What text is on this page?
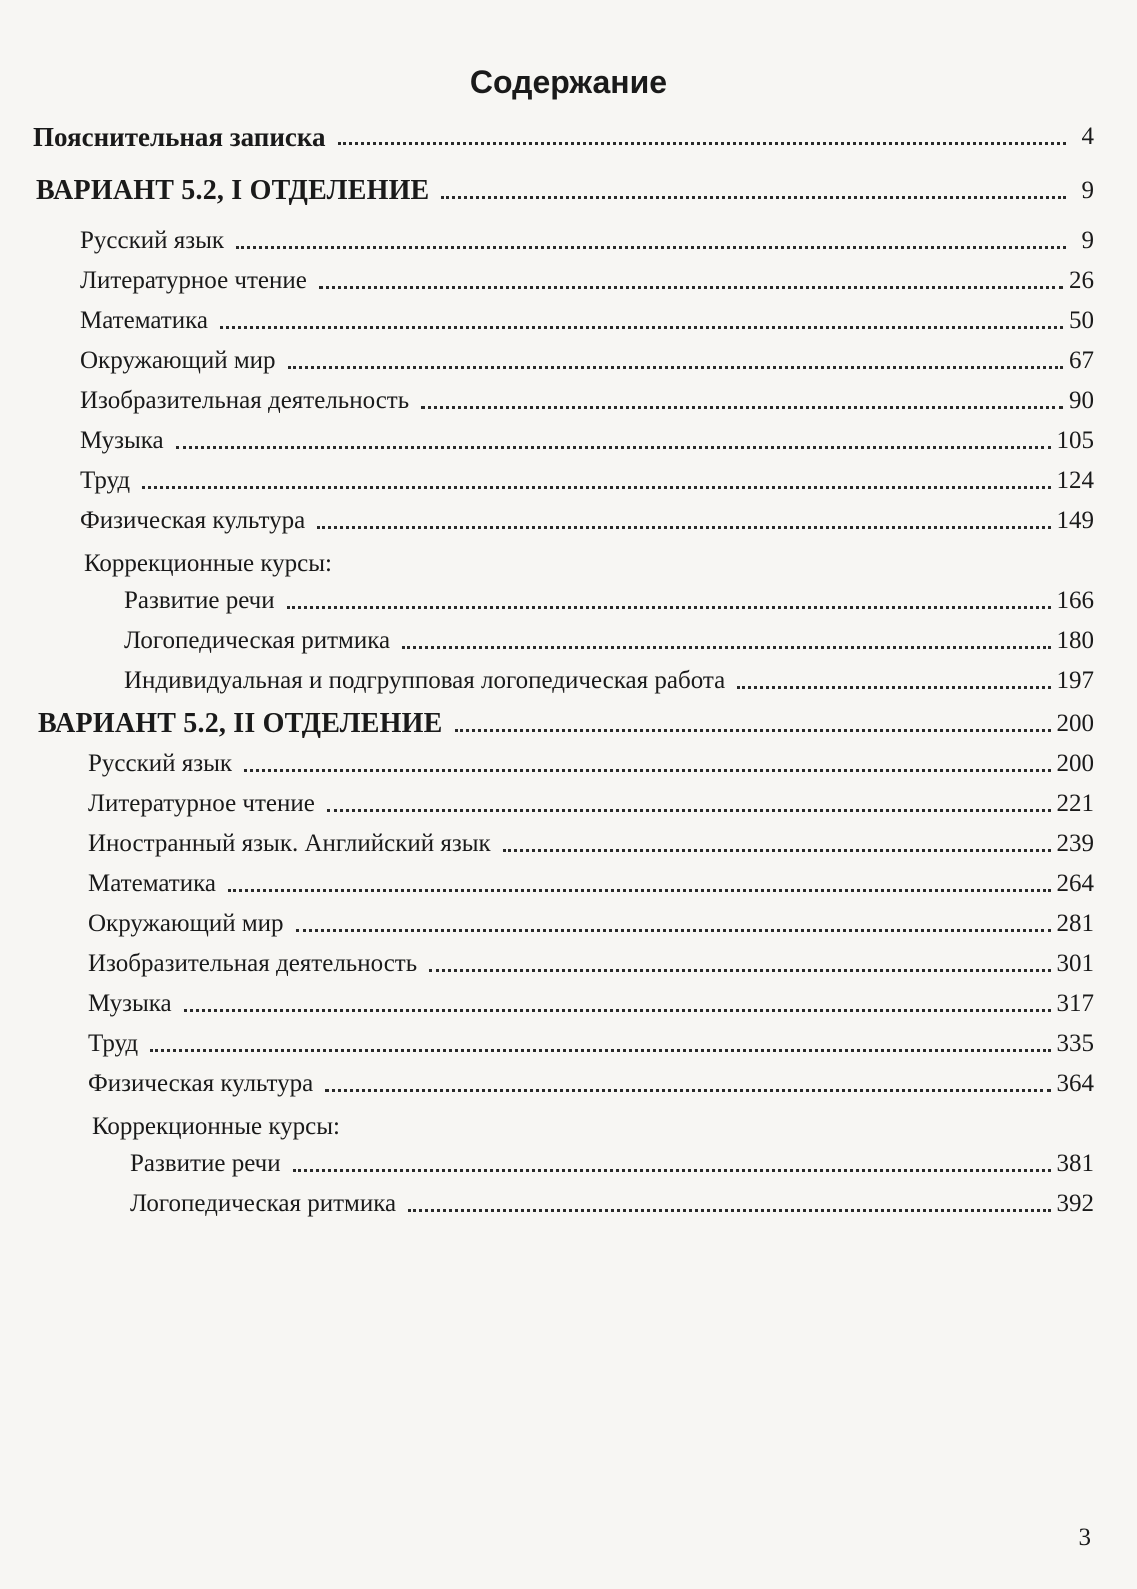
Содержание
Пояснительная записка	4
ВАРИАНТ 5.2, I ОТДЕЛЕНИЕ	9
Русский язык	9
Литературное чтение	26
Математика	50
Окружающий мир	67
Изобразительная деятельность	90
Музыка	105
Труд	124
Физическая культура	149
Коррекционные курсы:
Развитие речи	166
Логопедическая ритмика	180
Индивидуальная и подгрупповая логопедическая работа	197
ВАРИАНТ 5.2, II ОТДЕЛЕНИЕ	200
Русский язык	200
Литературное чтение	221
Иностранный язык. Английский язык	239
Математика	264
Окружающий мир	281
Изобразительная деятельность	301
Музыка	317
Труд	335
Физическая культура	364
Коррекционные курсы:
Развитие речи	381
Логопедическая ритмика	392
3
